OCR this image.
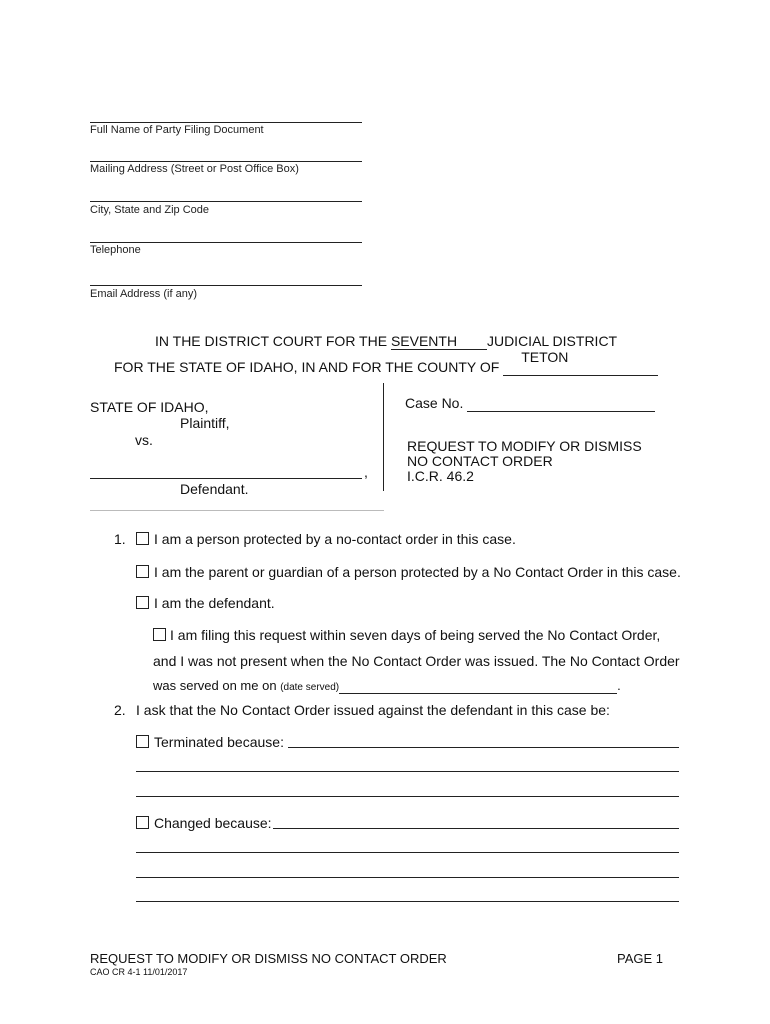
Full Name of Party Filing Document
Mailing Address (Street or Post Office Box)
City, State and Zip Code
Telephone
Email Address (if any)
IN THE DISTRICT COURT FOR THE SEVENTH JUDICIAL DISTRICT
FOR THE STATE OF IDAHO, IN AND FOR THE COUNTY OF TETON
STATE OF IDAHO,
Plaintiff,
vs.
,
Defendant.
Case No.
REQUEST TO MODIFY OR DISMISS
NO CONTACT ORDER
I.C.R. 46.2
1. I am a person protected by a no-contact order in this case.
I am the parent or guardian of a person protected by a No Contact Order in this case.
I am the defendant.
I am filing this request within seven days of being served the No Contact Order,
and I was not present when the No Contact Order was issued. The No Contact Order
was served on me on (date served)	.
2. I ask that the No Contact Order issued against the defendant in this case be:
Terminated because:
Changed because:
REQUEST TO MODIFY OR DISMISS NO CONTACT ORDER	PAGE 1
CAO CR 4-1 11/01/2017
